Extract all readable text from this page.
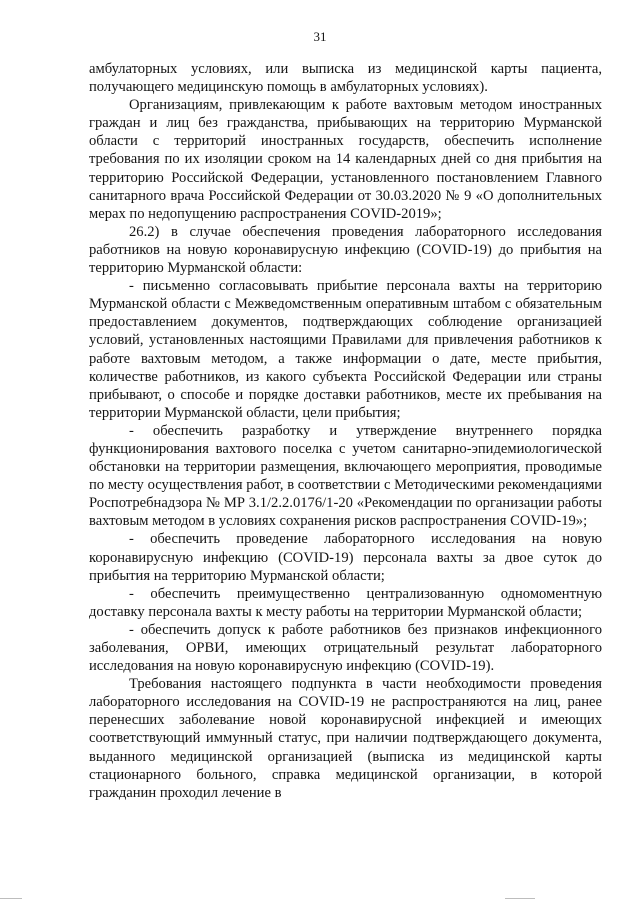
31

амбулаторных условиях, или выписка из медицинской карты пациента, получающего медицинскую помощь в амбулаторных условиях).

Организациям, привлекающим к работе вахтовым методом иностранных граждан и лиц без гражданства, прибывающих на территорию Мурманской области с территорий иностранных государств, обеспечить исполнение требования по их изоляции сроком на 14 календарных дней со дня прибытия на территорию Российской Федерации, установленного постановлением Главного санитарного врача Российской Федерации от 30.03.2020 № 9 «О дополнительных мерах по недопущению распространения COVID-2019»;

26.2) в случае обеспечения проведения лабораторного исследования работников на новую коронавирусную инфекцию (COVID-19) до прибытия на территорию Мурманской области:

- письменно согласовывать прибытие персонала вахты на территорию Мурманской области с Межведомственным оперативным штабом с обязательным предоставлением документов, подтверждающих соблюдение организацией условий, установленных настоящими Правилами для привлечения работников к работе вахтовым методом, а также информации о дате, месте прибытия, количестве работников, из какого субъекта Российской Федерации или страны прибывают, о способе и порядке доставки работников, месте их пребывания на территории Мурманской области, цели прибытия;

- обеспечить разработку и утверждение внутреннего порядка функционирования вахтового поселка с учетом санитарно-эпидемиологической обстановки на территории размещения, включающего мероприятия, проводимые по месту осуществления работ, в соответствии с Методическими рекомендациями Роспотребнадзора № МР 3.1/2.2.0176/1-20 «Рекомендации по организации работы вахтовым методом в условиях сохранения рисков распространения COVID-19»;

- обеспечить проведение лабораторного исследования на новую коронавирусную инфекцию (COVID-19) персонала вахты за двое суток до прибытия на территорию Мурманской области;

- обеспечить преимущественно централизованную одномоментную доставку персонала вахты к месту работы на территории Мурманской области;

- обеспечить допуск к работе работников без признаков инфекционного заболевания, ОРВИ, имеющих отрицательный результат лабораторного исследования на новую коронавирусную инфекцию (COVID-19).

Требования настоящего подпункта в части необходимости проведения лабораторного исследования на COVID-19 не распространяются на лиц, ранее перенесших заболевание новой коронавирусной инфекцией и имеющих соответствующий иммунный статус, при наличии подтверждающего документа, выданного медицинской организацией (выписка из медицинской карты стационарного больного, справка медицинской организации, в которой гражданин проходил лечение в
